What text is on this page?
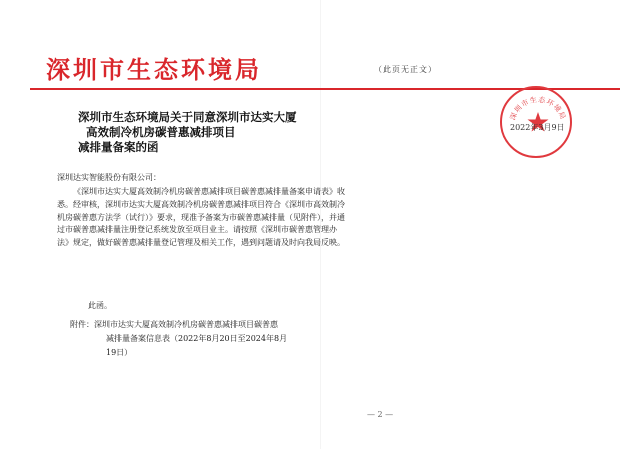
深圳市生态环境局	（此页无正文）
深圳市生态环境局关于同意深圳市达实大厦
高效制冷机房碳普惠减排项目
减排量备案的函
深圳达实智能股份有限公司：
《深圳市达实大厦高效制冷机房碳普惠减排项目碳普惠减排量备案申请表》收悉。经审核，深圳市达实大厦高效制冷机房碳普惠减排项目符合《深圳市高效制冷机房碳普惠方法学（试行）》要求，现准予备案为市碳普惠减排量（见附件），并通过市碳普惠减排量注册登记系统发放至项目业主。请按照《深圳市碳普惠管理办法》规定，做好碳普惠减排量登记管理及相关工作，遇到问题请及时向我局反映。
此函。
附件：深圳市达实大厦高效制冷机房碳普惠减排项目碳普惠
减排量备案信息表（2022年8月20日至2024年8月
19日）
深圳市生态环境局
2022年3月9日
— 2 —
